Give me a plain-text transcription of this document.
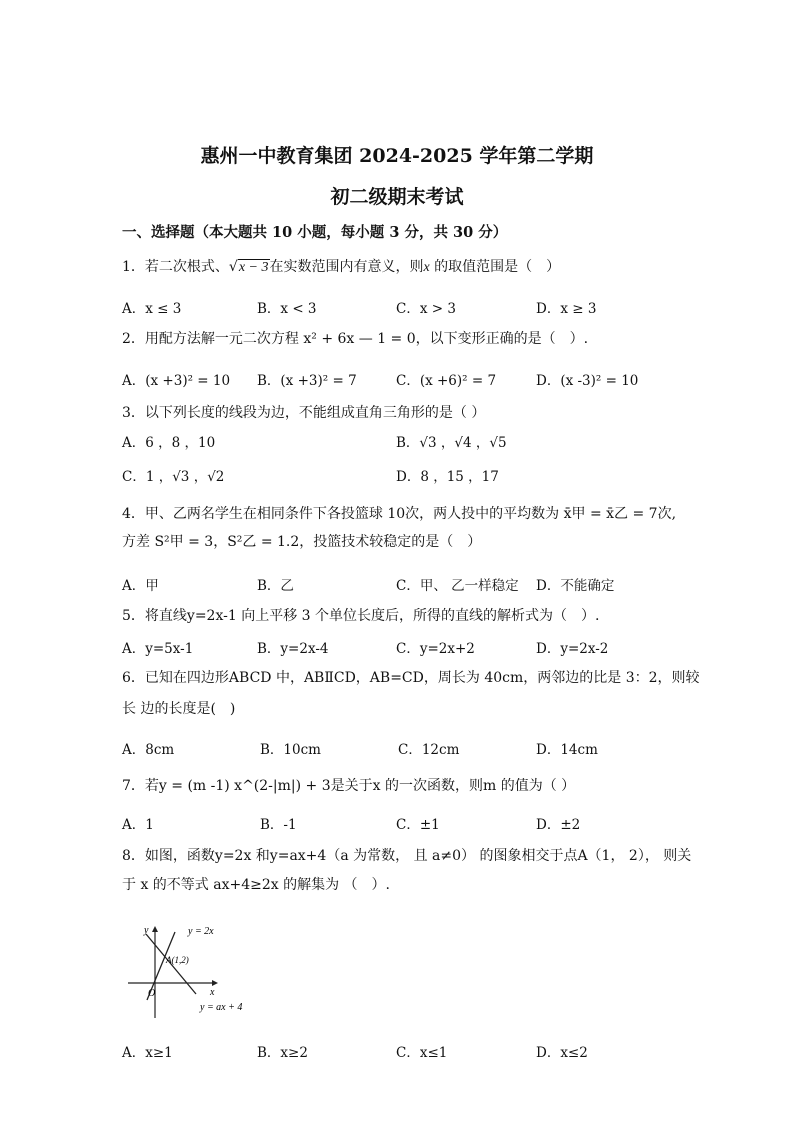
惠州一中教育集团 2024-2025 学年第二学期
初二级期末考试
一、选择题（本大题共 10 小题，每小题 3 分，共 30 分）
1．若二次根式、√x − 3在实数范围内有意义，则x 的取值范围是（　）
A．x ≤ 3	B．x < 3	C．x > 3	D．x ≥ 3
2．用配方法解一元二次方程 x² + 6x — 1 = 0，以下变形正确的是（　）.
A．(x +3)² = 10 B．(x +3)² = 7	C．(x +6)² = 7	D．(x -3)² = 10
3．以下列长度的线段为边，不能组成直角三角形的是（ ）
A．6 ，8 ，10	B．√3 ，√4 ，√5
C．1 ，√3 ，√2	D．8 ，15 ，17
4．甲、乙两名学生在相同条件下各投篮球 10次，两人投中的平均数为 x̄甲 = x̄乙 = 7次,
方差 S²甲 = 3，S²乙 = 1.2，投篮技术较稳定的是（　）
A．甲	B．乙	C．甲、 乙一样稳定 D．不能确定
5．将直线y=2x-1 向上平移 3 个单位长度后，所得的直线的解析式为（　）.
A．y=5x-1	B．y=2x-4	C．y=2x+2	D．y=2x-2
6．已知在四边形ABCD 中，ABⅡCD，AB=CD，周长为 40cm，两邻边的比是 3：2，则较
长 边的长度是(　)
A．8cm	B．10cm	C．12cm	D．14cm
7．若y = (m -1) x^(2-|m|) + 3是关于x 的一次函数，则m 的值为（ ）
A．1	B．-1	C．±1	D．±2
8．如图，函数y=2x 和y=ax+4（a 为常数， 且 a≠0） 的图象相交于点A（1， 2）， 则关
于 x 的不等式 ax+4≥2x 的解集为 （　）.
y = 2x
A(1,2)
O	x
y
y = ax + 4
A．x≥1	B．x≥2	C．x≤1	D．x≤2
